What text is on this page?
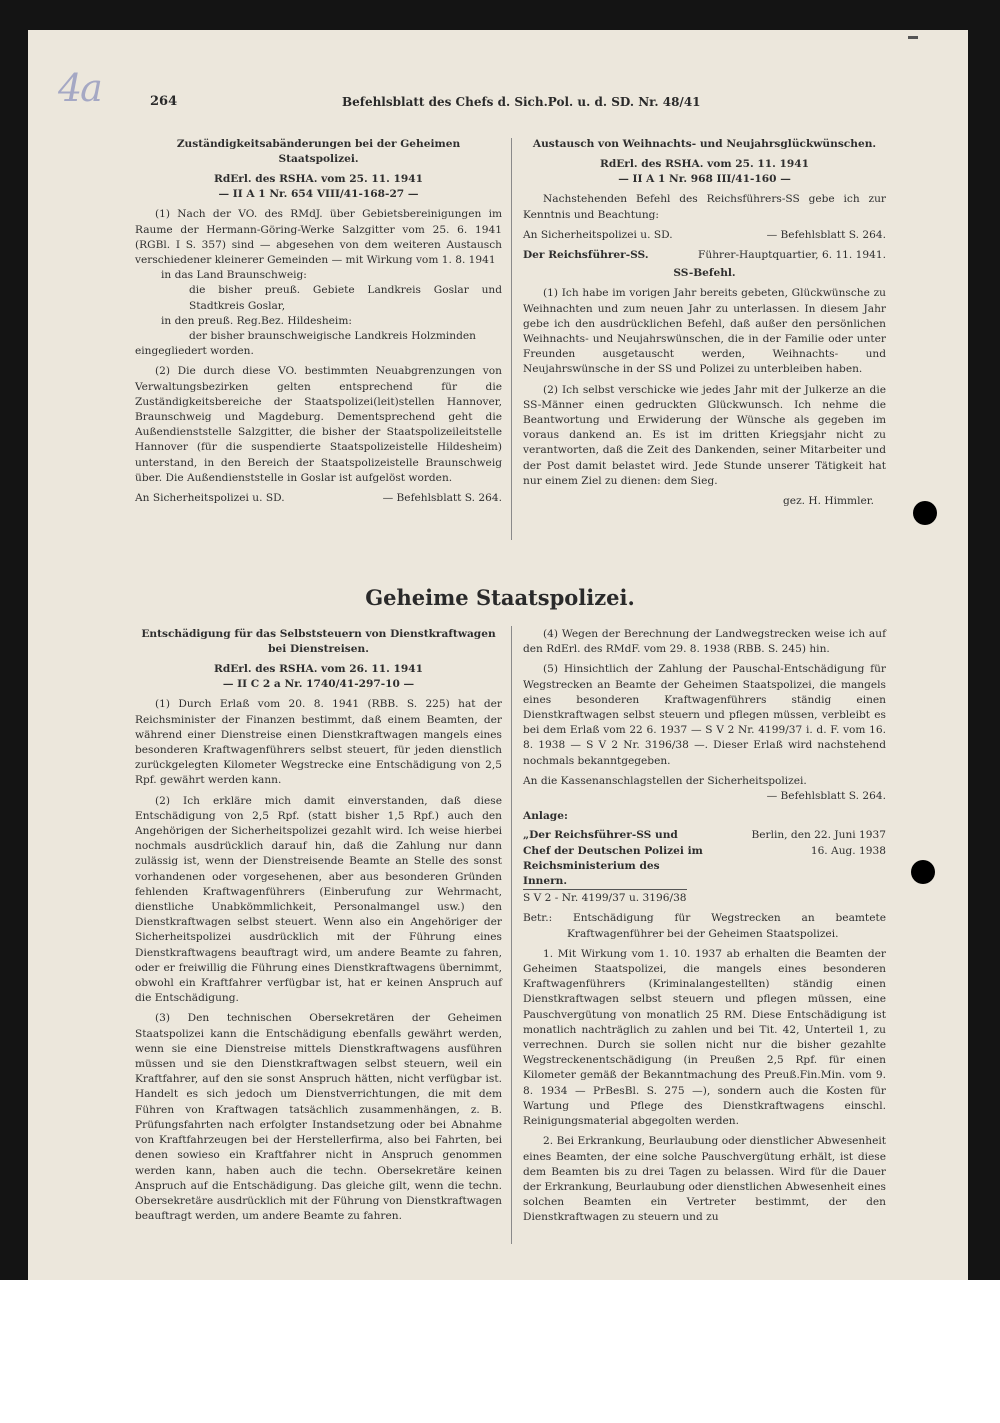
4a	264	Befehlsblatt des Chefs d. Sich.Pol. u. d. SD. Nr. 48/41

Zuständigkeitsabänderungen bei der Geheimen Staatspolizei.

RdErl. des RSHA. vom 25. 11. 1941

— II A 1 Nr. 654 VIII/41-168-27 —

(1) Nach der VO. des RMdJ. über Gebietsbereinigungen im Raume der Hermann-Göring-Werke Salzgitter vom 25. 6. 1941 (RGBl. I S. 357) sind — abgesehen von dem weiteren Austausch verschiedener kleinerer Gemeinden — mit Wirkung vom 1. 8. 1941

in das Land Braunschweig:

die bisher preuß. Gebiete Landkreis Goslar und Stadtkreis Goslar,

in den preuß. Reg.Bez. Hildesheim:

der bisher braunschweigische Landkreis Holzminden

eingegliedert worden.

(2) Die durch diese VO. bestimmten Neuabgrenzungen von Verwaltungsbezirken gelten entsprechend für die Zuständigkeitsbereiche der Staatspolizei(leit)stellen Hannover, Braunschweig und Magdeburg. Dementsprechend geht die Außendienststelle Salzgitter, die bisher der Staatspolizeileitstelle Hannover (für die suspendierte Staatspolizeistelle Hildesheim) unterstand, in den Bereich der Staatspolizeistelle Braunschweig über. Die Außendienststelle in Goslar ist aufgelöst worden.

An Sicherheitspolizei u. SD.	— Befehlsblatt S. 264.

Austausch von Weihnachts- und Neujahrsglückwünschen.

RdErl. des RSHA. vom 25. 11. 1941

— II A 1 Nr. 968 III/41-160 —

Nachstehenden Befehl des Reichsführers-SS gebe ich zur Kenntnis und Beachtung:

An Sicherheitspolizei u. SD.	— Befehlsblatt S. 264.
Der Reichsführer-SS.	Führer-Hauptquartier, 6. 11. 1941.

SS-Befehl.

(1) Ich habe im vorigen Jahr bereits gebeten, Glückwünsche zu Weihnachten und zum neuen Jahr zu unterlassen. In diesem Jahr gebe ich den ausdrücklichen Befehl, daß außer den persönlichen Weihnachts- und Neujahrswünschen, die in der Familie oder unter Freunden ausgetauscht werden, Weihnachts- und Neujahrswünsche in der SS und Polizei zu unterbleiben haben.

(2) Ich selbst verschicke wie jedes Jahr mit der Julkerze an die SS-Männer einen gedruckten Glückwunsch. Ich nehme die Beantwortung und Erwiderung der Wünsche als gegeben im voraus dankend an. Es ist im dritten Kriegsjahr nicht zu verantworten, daß die Zeit des Dankenden, seiner Mitarbeiter und der Post damit belastet wird. Jede Stunde unserer Tätigkeit hat nur einem Ziel zu dienen: dem Sieg.

gez. H. Himmler.

Geheime Staatspolizei.

Entschädigung für das Selbststeuern von Dienstkraftwagen bei Dienstreisen.

RdErl. des RSHA. vom 26. 11. 1941

— II C 2 a Nr. 1740/41-297-10 —

(1) Durch Erlaß vom 20. 8. 1941 (RBB. S. 225) hat der Reichsminister der Finanzen bestimmt, daß einem Beamten, der während einer Dienstreise einen Dienstkraftwagen mangels eines besonderen Kraftwagenführers selbst steuert, für jeden dienstlich zurückgelegten Kilometer Wegstrecke eine Entschädigung von 2,5 Rpf. gewährt werden kann.

(2) Ich erkläre mich damit einverstanden, daß diese Entschädigung von 2,5 Rpf. (statt bisher 1,5 Rpf.) auch den Angehörigen der Sicherheitspolizei gezahlt wird. Ich weise hierbei nochmals ausdrücklich darauf hin, daß die Zahlung nur dann zulässig ist, wenn der Dienstreisende Beamte an Stelle des sonst vorhandenen oder vorgesehenen, aber aus besonderen Gründen fehlenden Kraftwagenführers (Einberufung zur Wehrmacht, dienstliche Unabkömmlichkeit, Personalmangel usw.) den Dienstkraftwagen selbst steuert. Wenn also ein Angehöriger der Sicherheitspolizei ausdrücklich mit der Führung eines Dienstkraftwagens beauftragt wird, um andere Beamte zu fahren, oder er freiwillig die Führung eines Dienstkraftwagens übernimmt, obwohl ein Kraftfahrer verfügbar ist, hat er keinen Anspruch auf die Entschädigung.

(3) Den technischen Obersekretären der Geheimen Staatspolizei kann die Entschädigung ebenfalls gewährt werden, wenn sie eine Dienstreise mittels Dienstkraftwagens ausführen müssen und sie den Dienstkraftwagen selbst steuern, weil ein Kraftfahrer, auf den sie sonst Anspruch hätten, nicht verfügbar ist. Handelt es sich jedoch um Dienstverrichtungen, die mit dem Führen von Kraftwagen tatsächlich zusammenhängen, z. B. Prüfungsfahrten nach erfolgter Instandsetzung oder bei Abnahme von Kraftfahrzeugen bei der Herstellerfirma, also bei Fahrten, bei denen sowieso ein Kraftfahrer nicht in Anspruch genommen werden kann, haben auch die techn. Obersekretäre keinen Anspruch auf die Entschädigung. Das gleiche gilt, wenn die techn. Obersekretäre ausdrücklich mit der Führung von Dienstkraftwagen beauftragt werden, um andere Beamte zu fahren.

(4) Wegen der Berechnung der Landwegstrecken weise ich auf den RdErl. des RMdF. vom 29. 8. 1938 (RBB. S. 245) hin.

(5) Hinsichtlich der Zahlung der Pauschal-Entschädigung für Wegstrecken an Beamte der Geheimen Staatspolizei, die mangels eines besonderen Kraftwagenführers ständig einen Dienstkraftwagen selbst steuern und pflegen müssen, verbleibt es bei dem Erlaß vom 22 6. 1937 — S V 2 Nr. 4199/37 i. d. F. vom 16. 8. 1938 — S V 2 Nr. 3196/38 —. Dieser Erlaß wird nachstehend nochmals bekanntgegeben.

An die Kassenanschlagstellen der Sicherheitspolizei.

— Befehlsblatt S. 264.

Anlage:

„Der Reichsführer-SS und Chef der Deutschen Polizei im Reichsministerium des Innern.
S V 2 - Nr. 4199/37 u. 3196/38
Berlin, den 22. Juni 1937
16. Aug. 1938

Betr.: Entschädigung für Wegstrecken an beamtete Kraftwagenführer bei der Geheimen Staatspolizei.

1. Mit Wirkung vom 1. 10. 1937 ab erhalten die Beamten der Geheimen Staatspolizei, die mangels eines besonderen Kraftwagenführers (Kriminalangestellten) ständig einen Dienstkraftwagen selbst steuern und pflegen müssen, eine Pauschvergütung von monatlich 25 RM. Diese Entschädigung ist monatlich nachträglich zu zahlen und bei Tit. 42, Unterteil 1, zu verrechnen. Durch sie sollen nicht nur die bisher gezahlte Wegstreckenentschädigung (in Preußen 2,5 Rpf. für einen Kilometer gemäß der Bekanntmachung des Preuß.Fin.Min. vom 9. 8. 1934 — PrBesBl. S. 275 —), sondern auch die Kosten für Wartung und Pflege des Dienstkraftwagens einschl. Reinigungsmaterial abgegolten werden.

2. Bei Erkrankung, Beurlaubung oder dienstlicher Abwesenheit eines Beamten, der eine solche Pauschvergütung erhält, ist diese dem Beamten bis zu drei Tagen zu belassen. Wird für die Dauer der Erkrankung, Beurlaubung oder dienstlichen Abwesenheit eines solchen Beamten ein Vertreter bestimmt, der den Dienstkraftwagen zu steuern und zu
